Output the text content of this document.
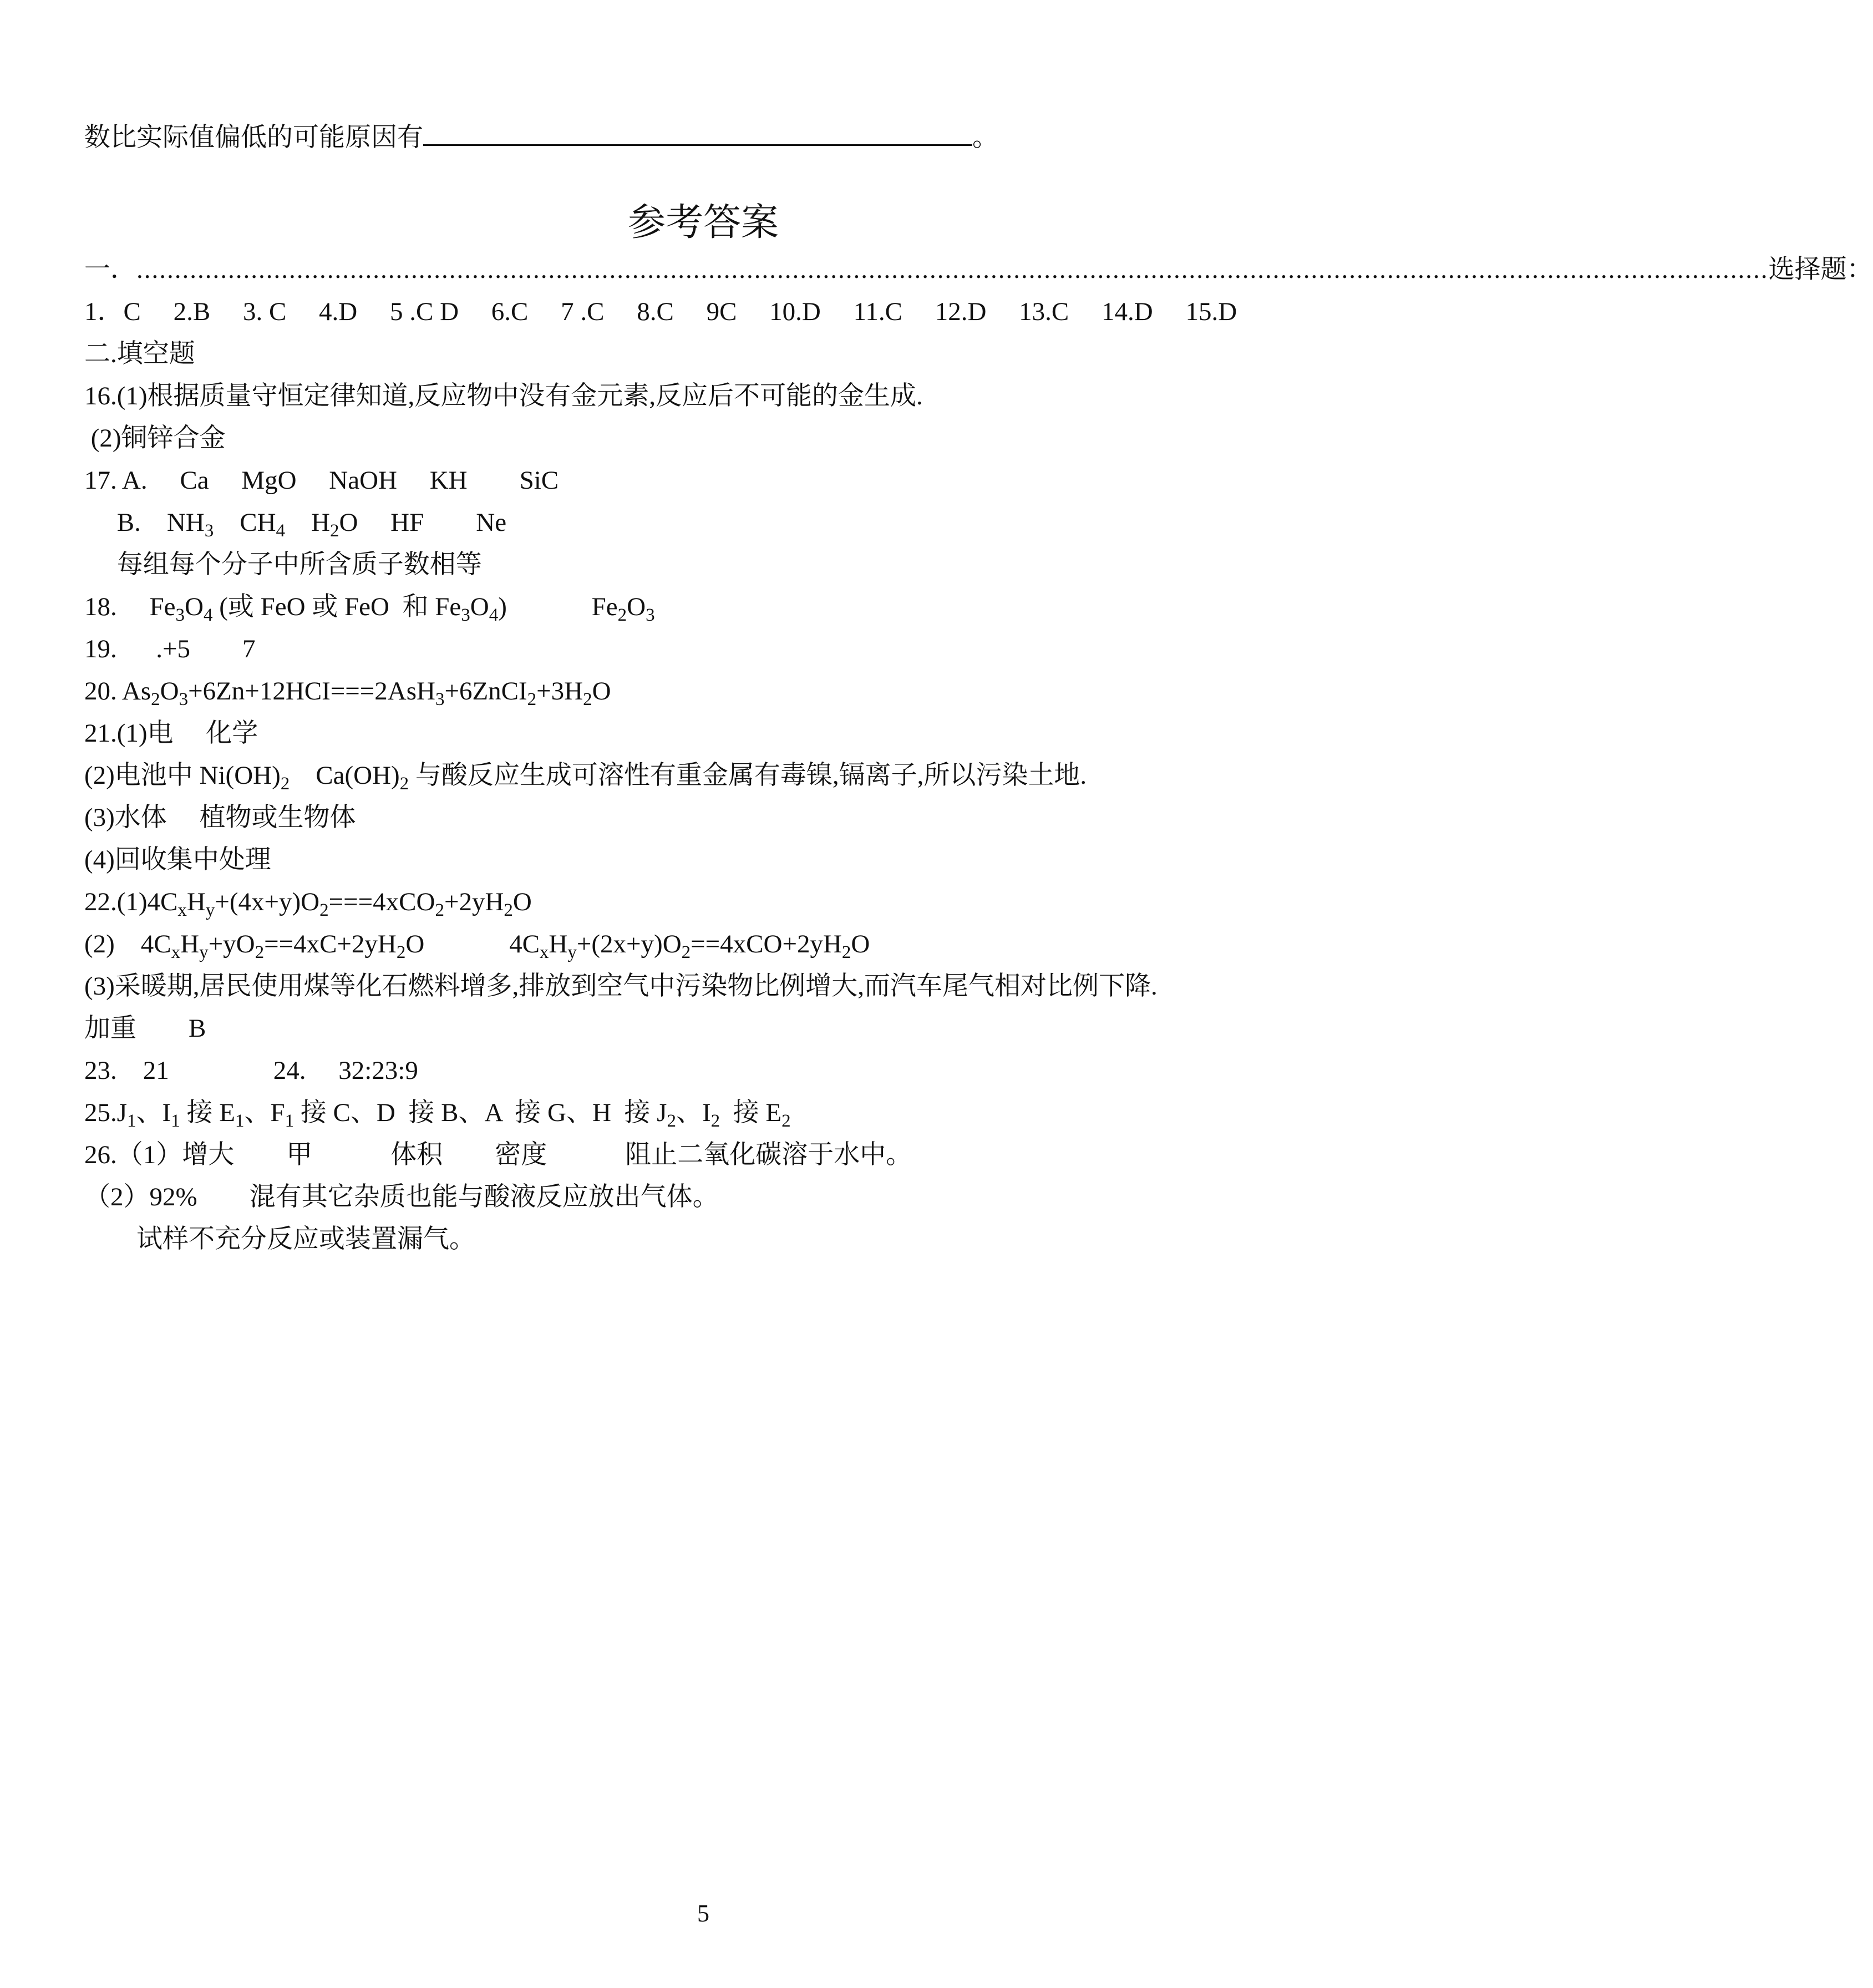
数比实际值偏低的可能原因有	。

参考答案
一． ...................................................................................................................................................................................................................... 选择题：

1．C　 2.B　 3. C　 4.D　 5 .C D　 6.C　 7 .C　 8.C　 9C　 10.D　 11.C　 12.D　 13.C　 14.D　 15.D

二.填空题

16.(1)根据质量守恒定律知道,反应物中没有金元素,反应后不可能的金生成.

(2)铜锌合金

17. A.　 Ca　 MgO　 NaOH　 KH　　SiC

　 B.　$NH_3$　$CH_4$　$H_2O$　 HF　　Ne

　 每组每个分子中所含质子数相等

18.　 $Fe_3O_4$ (或 FeO 或 FeO  和 $Fe_3O_4$)　　　 $Fe_2O_3$

19.　  .+5　　7

20. $As_2O_3+6Zn+12HCI===2AsH_3+6ZnCI_2+3H_2O$

21.(1)电　 化学

(2)电池中 $Ni(OH)_2$　$Ca(OH)_2$ 与酸反应生成可溶性有重金属有毒镍,镉离子,所以污染土地.

(3)水体　 植物或生物体

(4)回收集中处理

$22.(1)4C_xH_y+(4x+y)O_2===4xCO_2+2yH_2O$

(2)　$4C_xH_y+yO_2==4xC+2yH_2O$　　　 $4C_xH_y+(2x+y)O_2==4xCO+2yH_2O$

(3)采暖期,居民使用煤等化石燃料增多,排放到空气中污染物比例增大,而汽车尾气相对比例下降.

加重　　B

23.　21　　　　24.　 32:23:9

$25.J_1$、$I_1$ 接 $E_1$、$F_1$ 接 C、D  接 B、A  接 G、H  接 $J_2$、$I_2$  接 $E_2$

26.（1）增大　　甲　　　体积　　密度　　　阻止二氧化碳溶于水中。

（2）92%　　混有其它杂质也能与酸液反应放出气体。

　　试样不充分反应或装置漏气。

5
